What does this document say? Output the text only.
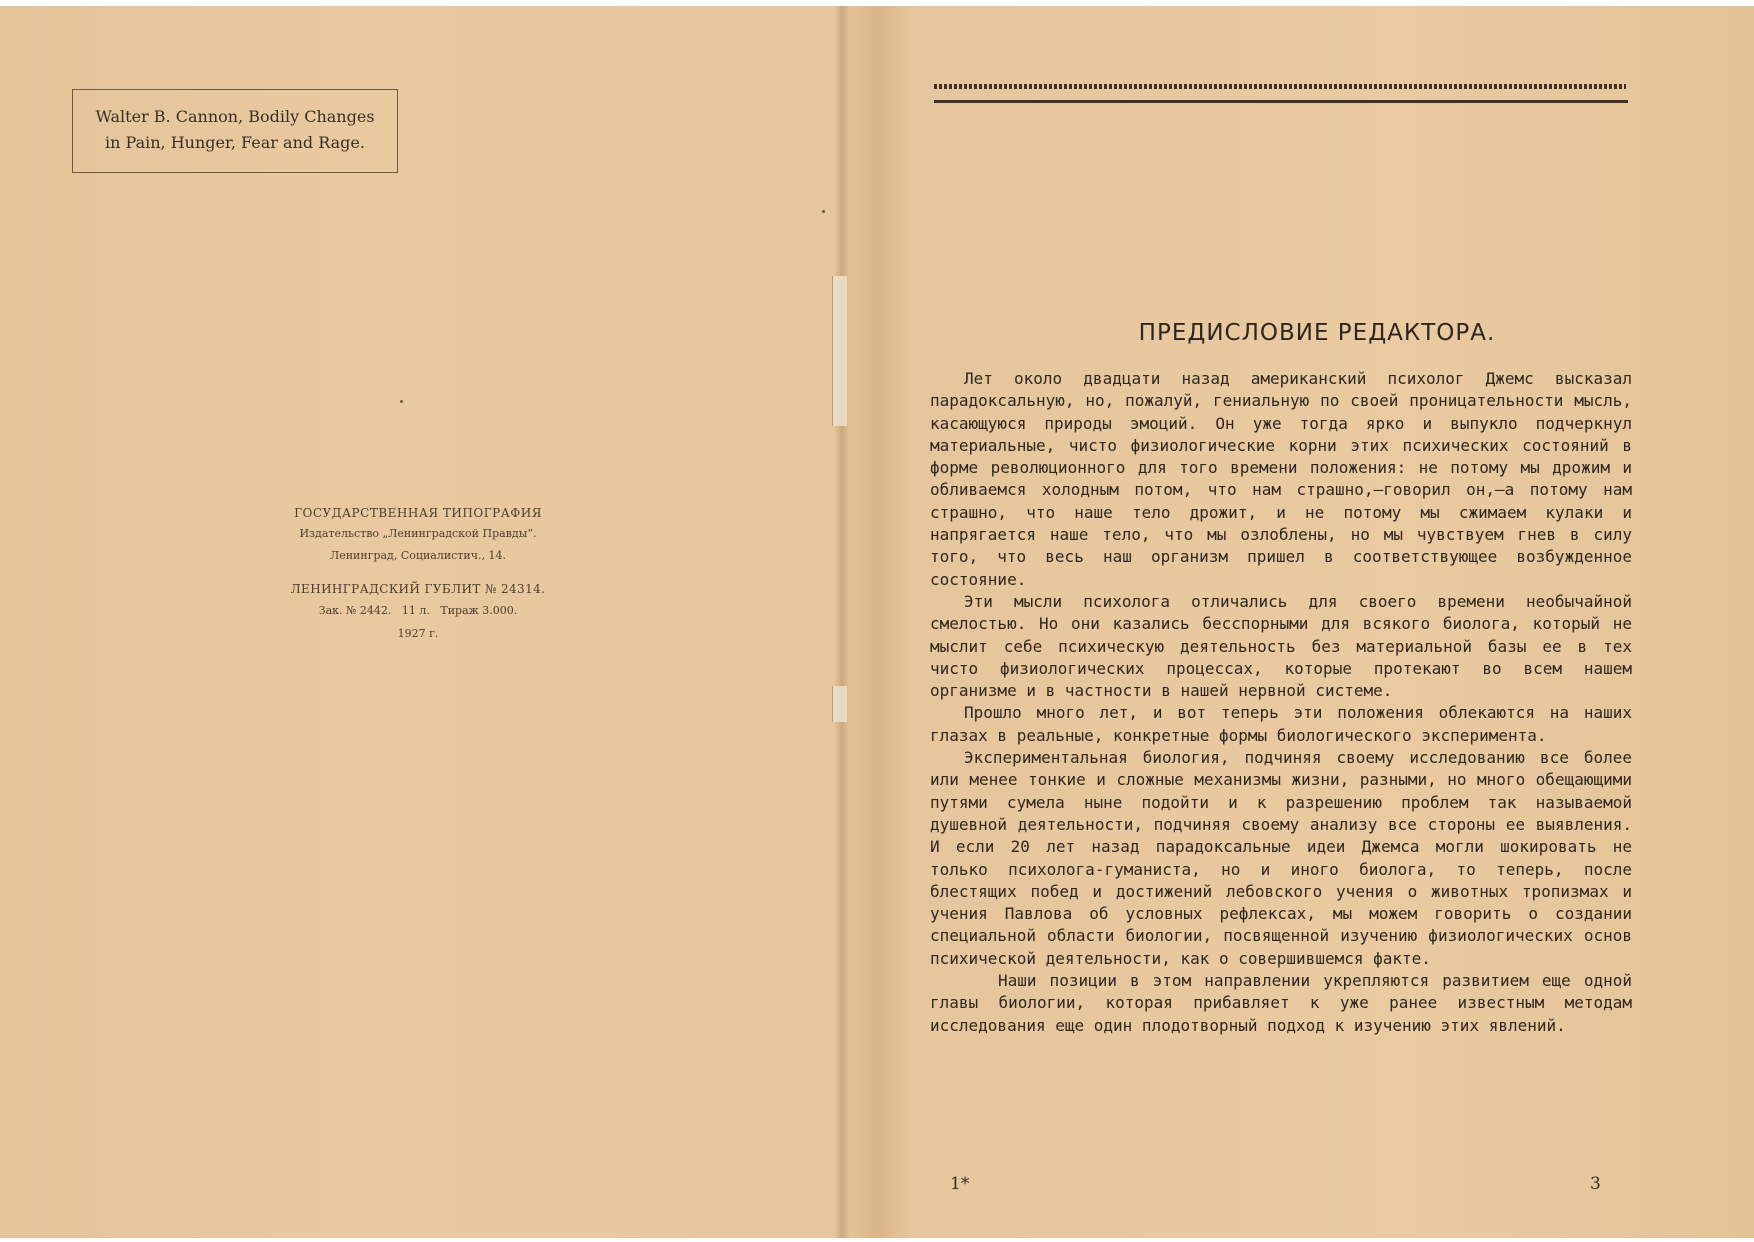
Walter B. Cannon, Bodily Changes
in Pain, Hunger, Fear and Rage.
ГОСУДАРСТВЕННАЯ ТИПОГРАФИЯ
Издательство „Ленинградской Правды“.
Ленинград, Социалистич., 14.
ЛЕНИНГРАДСКИЙ ГУБЛИТ № 24314.
Зак. № 2442.   11 л.   Тираж 3.000.
1927 г.
ПРЕДИСЛОВИЕ РЕДАКТОРА.

Лет около двадцати назад американский психолог Джемс высказал парадоксальную, но, пожалуй, гениальную по своей проницательности мысль, касающуюся природы эмоций. Он уже тогда ярко и выпукло подчеркнул материальные, чисто физиологические корни этих психических состояний в форме революционного для того времени положения: не потому мы дрожим и обливаемся холодным потом, что нам страшно,—говорил он,—а потому нам страшно, что наше тело дрожит, и не потому мы сжимаем кулаки и напрягается наше тело, что мы озлоблены, но мы чувствуем гнев в силу того, что весь наш организм пришел в соответствующее возбужденное состояние.

Эти мысли психолога отличались для своего времени необычайной смелостью. Но они казались бесспорными для всякого биолога, который не мыслит себе психическую деятельность без материальной базы ее в тех чисто физиологических процессах, которые протекают во всем нашем организме и в частности в нашей нервной системе.

Прошло много лет, и вот теперь эти положения облекаются на наших глазах в реальные, конкретные формы биологического эксперимента.

Экспериментальная биология, подчиняя своему исследованию все более или менее тонкие и сложные механизмы жизни, разными, но много обещающими путями сумела ныне подойти и к разрешению проблем так называемой душевной деятельности, подчиняя своему анализу все стороны ее выявления. И если 20 лет назад парадоксальные идеи Джемса могли шокировать не только психолога-гуманиста, но и иного биолога, то теперь, после блестящих побед и достижений лебовского учения о животных тропизмах и учения Павлова об условных рефлексах, мы можем говорить о создании специальной области биологии, посвященной изучению физиологических основ психической деятельности, как о совершившемся факте.

Наши позиции в этом направлении укрепляются развитием еще одной главы биологии, которая прибавляет к уже ранее известным методам исследования еще один плодотворный подход к изучению этих явлений.

1*	3
